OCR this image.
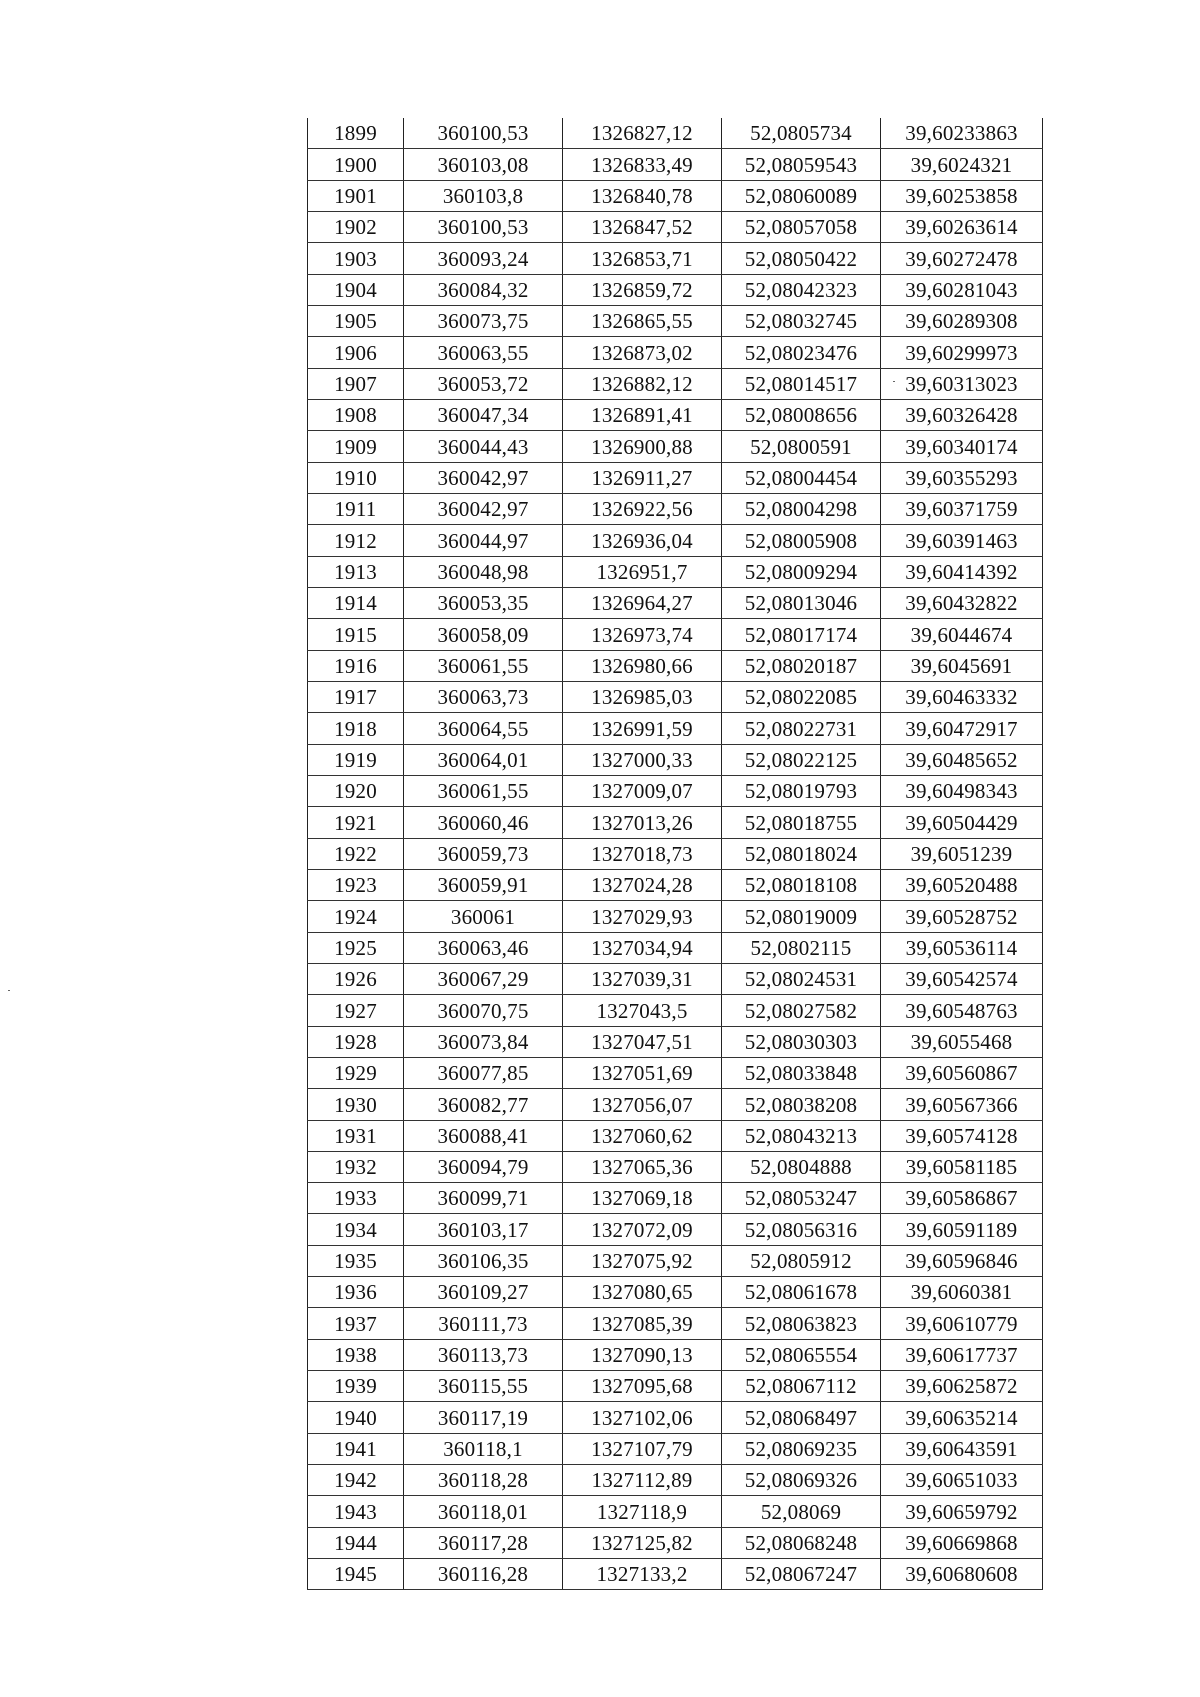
1899	360100,53	1326827,12	52,0805734	39,60233863
1900	360103,08	1326833,49	52,08059543	39,6024321
1901	360103,8	1326840,78	52,08060089	39,60253858
1902	360100,53	1326847,52	52,08057058	39,60263614
1903	360093,24	1326853,71	52,08050422	39,60272478
1904	360084,32	1326859,72	52,08042323	39,60281043
1905	360073,75	1326865,55	52,08032745	39,60289308
1906	360063,55	1326873,02	52,08023476	39,60299973
1907	360053,72	1326882,12	52,08014517	39,60313023
1908	360047,34	1326891,41	52,08008656	39,60326428
1909	360044,43	1326900,88	52,0800591	39,60340174
1910	360042,97	1326911,27	52,08004454	39,60355293
1911	360042,97	1326922,56	52,08004298	39,60371759
1912	360044,97	1326936,04	52,08005908	39,60391463
1913	360048,98	1326951,7	52,08009294	39,60414392
1914	360053,35	1326964,27	52,08013046	39,60432822
1915	360058,09	1326973,74	52,08017174	39,6044674
1916	360061,55	1326980,66	52,08020187	39,6045691
1917	360063,73	1326985,03	52,08022085	39,60463332
1918	360064,55	1326991,59	52,08022731	39,60472917
1919	360064,01	1327000,33	52,08022125	39,60485652
1920	360061,55	1327009,07	52,08019793	39,60498343
1921	360060,46	1327013,26	52,08018755	39,60504429
1922	360059,73	1327018,73	52,08018024	39,6051239
1923	360059,91	1327024,28	52,08018108	39,60520488
1924	360061	1327029,93	52,08019009	39,60528752
1925	360063,46	1327034,94	52,0802115	39,60536114
1926	360067,29	1327039,31	52,08024531	39,60542574
1927	360070,75	1327043,5	52,08027582	39,60548763
1928	360073,84	1327047,51	52,08030303	39,6055468
1929	360077,85	1327051,69	52,08033848	39,60560867
1930	360082,77	1327056,07	52,08038208	39,60567366
1931	360088,41	1327060,62	52,08043213	39,60574128
1932	360094,79	1327065,36	52,0804888	39,60581185
1933	360099,71	1327069,18	52,08053247	39,60586867
1934	360103,17	1327072,09	52,08056316	39,60591189
1935	360106,35	1327075,92	52,0805912	39,60596846
1936	360109,27	1327080,65	52,08061678	39,6060381
1937	360111,73	1327085,39	52,08063823	39,60610779
1938	360113,73	1327090,13	52,08065554	39,60617737
1939	360115,55	1327095,68	52,08067112	39,60625872
1940	360117,19	1327102,06	52,08068497	39,60635214
1941	360118,1	1327107,79	52,08069235	39,60643591
1942	360118,28	1327112,89	52,08069326	39,60651033
1943	360118,01	1327118,9	52,08069	39,60659792
1944	360117,28	1327125,82	52,08068248	39,60669868
1945	360116,28	1327133,2	52,08067247	39,60680608
